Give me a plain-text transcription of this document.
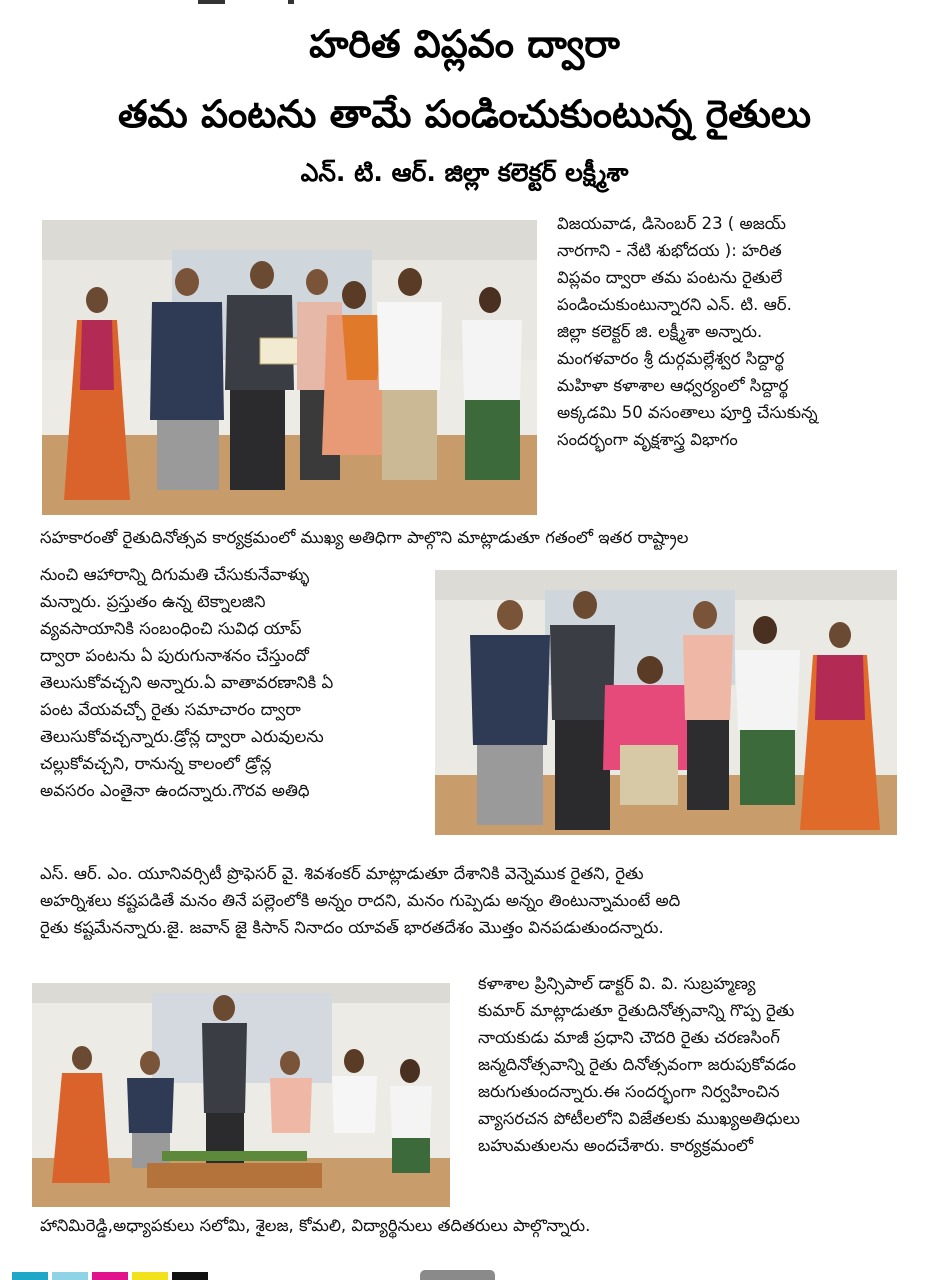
హరిత విప్లవం ద్వారా
తమ పంటను తామే పండించుకుంటున్న రైతులు
ఎన్. టి. ఆర్. జిల్లా కలెక్టర్ లక్ష్మీశా
విజయవాడ, డిసెంబర్ 23 ( అజయ్
నారగాని - నేటి శుభోదయ ): హరిత
విప్లవం ద్వారా తమ పంటను రైతులే
పండించుకుంటున్నారని ఎన్. టి. ఆర్.
జిల్లా కలెక్టర్ జి. లక్ష్మీశా అన్నారు.
మంగళవారం శ్రీ దుర్గమల్లేశ్వర సిద్దార్థ
మహిళా కళాశాల ఆధ్వర్యంలో సిద్దార్థ
అక్కడమి 50 వసంతాలు పూర్తి చేసుకున్న
సందర్భంగా వృక్షశాస్త్ర విభాగం
సహకారంతో రైతుదినోత్సవ కార్యక్రమంలో ముఖ్య అతిధిగా పాల్గొని మాట్లాడుతూ గతంలో ఇతర రాష్ట్రాల
నుంచి ఆహారాన్ని దిగుమతి చేసుకునేవాళ్ళు
మన్నారు. ప్రస్తుతం ఉన్న టెక్నాలజిని
వ్యవసాయానికి సంబంధించి సువిధ యాప్
ద్వారా పంటను ఏ పురుగునాశనం చేస్తుందో
తెలుసుకోవచ్చని అన్నారు.ఏ వాతావరణానికి ఏ
పంట వేయవచ్చో రైతు సమాచారం ద్వారా
తెలుసుకోవచ్చన్నారు.డ్రోన్ల ద్వారా ఎరువులను
చల్లుకోవచ్చని, రానున్న కాలంలో డ్రోన్ల
అవసరం ఎంతైనా ఉందన్నారు.గౌరవ అతిధి
ఎస్. ఆర్. ఎం. యూనివర్సిటీ ప్రొఫెసర్ వై. శివశంకర్ మాట్లాడుతూ దేశానికి వెన్నెముక రైతని, రైతు
అహర్నిశలు కష్టపడితే మనం తినే పల్లెంలోకి అన్నం రాదని, మనం గుప్పెడు అన్నం తింటున్నామంటే అది
రైతు కష్టమేనన్నారు.జై. జవాన్ జై కిసాన్ నినాదం యావత్ భారతదేశం మొత్తం వినపడుతుందన్నారు.
కళాశాల ప్రిన్సిపాల్ డాక్టర్ వి. వి. సుబ్రహ్మణ్య
కుమార్ మాట్లాడుతూ రైతుదినోత్సవాన్ని గొప్ప రైతు
నాయకుడు మాజీ ప్రధాని చౌదరి రైతు చరణసింగ్
జన్మదినోత్సవాన్ని రైతు దినోత్సవంగా జరుపుకోవడం
జరుగుతుందన్నారు.ఈ సందర్భంగా నిర్వహించిన
వ్యాసరచన పోటీలలోని విజేతలకు ముఖ్యఅతిధులు
బహుమతులను అందచేశారు. కార్యక్రమంలో
హానిమిరెడ్డి,అధ్యాపకులు సలోమి, శైలజ, కోమలి, విద్యార్థినులు తదితరులు పాల్గొన్నారు.
